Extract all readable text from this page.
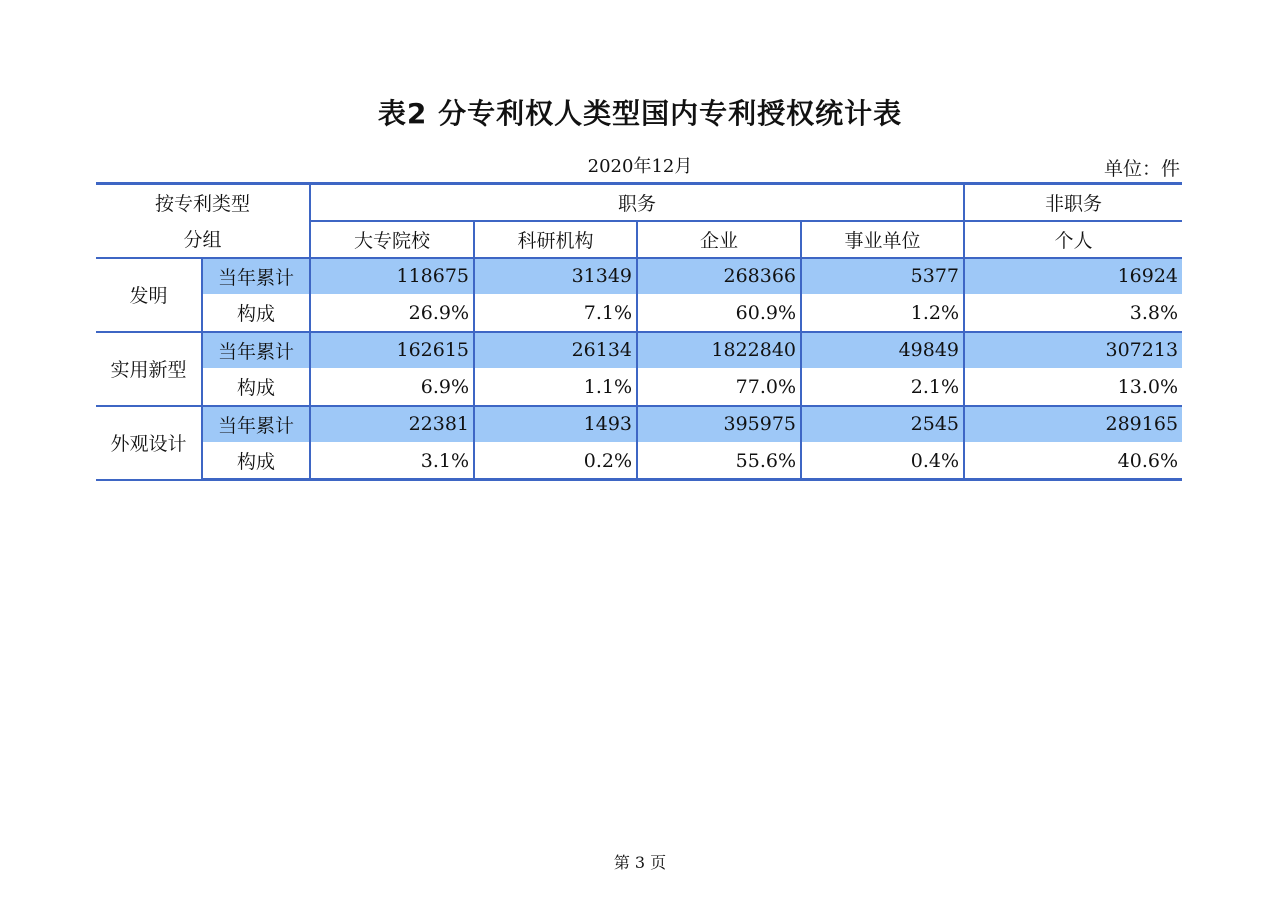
表2 分专利权人类型国内专利授权统计表
2020年12月	单位：件
按专利类型		职务				非职务
分组		大专院校	科研机构	企业	事业单位	个人
发明	当年累计	118675	31349	268366	5377	16924
	构成	26.9%	7.1%	60.9%	1.2%	3.8%
实用新型	当年累计	162615	26134	1822840	49849	307213
	构成	6.9%	1.1%	77.0%	2.1%	13.0%
外观设计	当年累计	22381	1493	395975	2545	289165
	构成	3.1%	0.2%	55.6%	0.4%	40.6%
第 3 页
